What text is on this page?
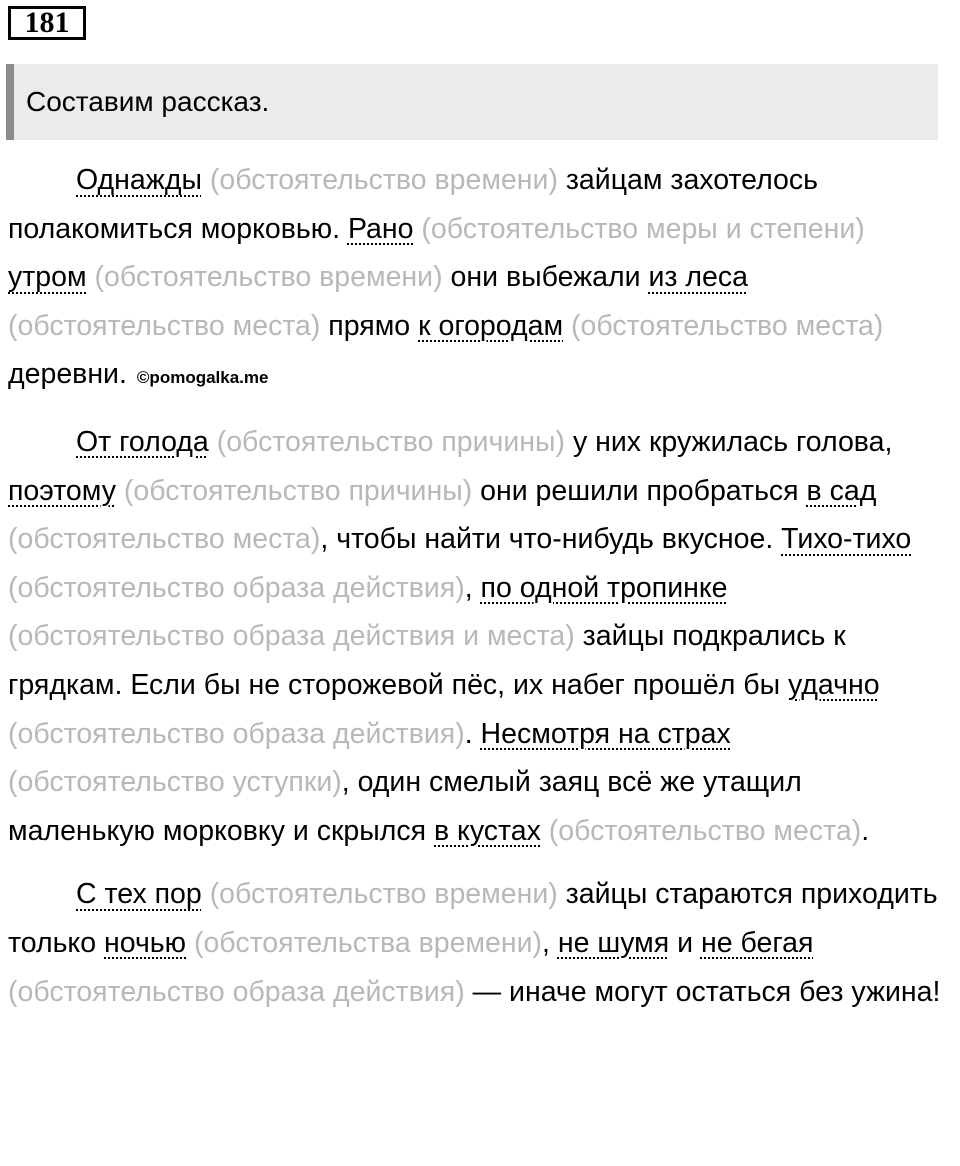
181
Составим рассказ.

Однажды (обстоятельство времени) зайцам захотелось полакомиться морковью. Рано (обстоятельство меры и степени) утром (обстоятельство времени) они выбежали из леса (обстоятельство места) прямо к огородам (обстоятельство места) деревни. ©pomogalka.me

От голода (обстоятельство причины) у них кружилась голова, поэтому (обстоятельство причины) они решили пробраться в сад (обстоятельство места), чтобы найти что-нибудь вкусное. Тихо-тихо (обстоятельство образа действия), по одной тропинке (обстоятельство образа действия и места) зайцы подкрались к грядкам. Если бы не сторожевой пёс, их набег прошёл бы удачно (обстоятельство образа действия). Несмотря на страх (обстоятельство уступки), один смелый заяц всё же утащил маленькую морковку и скрылся в кустах (обстоятельство места).

С тех пор (обстоятельство времени) зайцы стараются приходить только ночью (обстоятельства времени), не шумя и не бегая (обстоятельство образа действия) — иначе могут остаться без ужина!
